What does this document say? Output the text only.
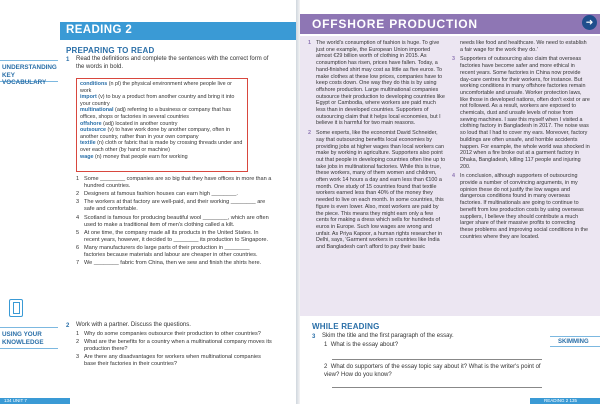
READING 2
UNDERSTANDING KEY VOCABULARY
PREPARING TO READ
1 Read the definitions and complete the sentences with the correct form of the words in bold.

conditions (n pl) the physical environment where people live or work

import (v) to buy a product from another country and bring it into your country

multinational (adj) referring to a business or company that has offices, shops or factories in several countries

offshore (adj) located in another country

outsource (v) to have work done by another company, often in another country, rather than in your own company

textile (n) cloth or fabric that is made by crossing threads under and over each other (by hand or machine)

wage (n) money that people earn for working

1 Some ________ companies are so big that they have offices in more than a hundred countries.
2 Designers at famous fashion houses can earn high ________.
3 The workers at that factory are well-paid, and their working ________ are safe and comfortable.
4 Scotland is famous for producing beautiful wool ________, which are often used to make a traditional item of men's clothing called a kilt.
5 At one time, the company made all its products in the United States. In recent years, however, it decided to ________ its production to Singapore.
6 Many manufacturers do large parts of their production in ________ factories because materials and labour are cheaper in other countries.
7 We ________ fabric from China, then we sew and finish the shirts here.
USING YOUR KNOWLEDGE
2 Work with a partner. Discuss the questions.
1 Why do some companies outsource their production to other countries?
2 What are the benefits for a country when a multinational company moves its production there?
3 Are there any disadvantages for workers when multinational companies base their factories in their countries?
134 UNIT 7
OFFSHORE PRODUCTION	➜

1 The world's consumption of fashion is huge. To give just one example, the European Union imported almost €29 billion worth of clothing in 2015. As consumption has risen, prices have fallen. Today, a hand-finished shirt may cost as little as five euros. To make clothes at these low prices, companies have to keep costs down. One way they do this is by using offshore production. Large multinational companies outsource their production to developing countries like Egypt or Cambodia, where workers are paid much less than in developed countries. Supporters of outsourcing claim that it helps local economies, but I believe it is harmful for two main reasons.

2 Some experts, like the economist David Schneider, say that outsourcing benefits local economies by providing jobs at higher wages than local workers can make by working in agriculture. Supporters also point out that people in developing countries often line up to take jobs in multinational factories. While this is true, these workers, many of them women and children, often work 14 hours a day and earn less than €100 a month. One study of 15 countries found that textile workers earned less than 40% of the money they needed to live on each month. In some countries, this figure is even lower. Also, most workers are paid by the piece. This means they might earn only a few cents for making a dress which sells for hundreds of euros in Europe. Such low wages are wrong and unfair. As Priya Kapoor, a human rights researcher in Delhi, says, 'Garment workers in countries like India and Bangladesh can't afford to pay their basic

needs like food and healthcare. We need to establish a fair wage for the work they do.'

3 Supporters of outsourcing also claim that overseas factories have become safer and more ethical in recent years. Some factories in China now provide day-care centres for their workers, for instance. But working conditions in many offshore factories remain uncomfortable and unsafe. Worker protection laws, like those in developed nations, often don't exist or are not followed. As a result, workers are exposed to chemicals, dust and unsafe levels of noise from sewing machines. I saw this myself when I visited a clothing factory in Bangladesh in 2017. The noise was so loud that I had to cover my ears. Moreover, factory buildings are often unsafe, and horrible accidents happen. For example, the whole world was shocked in 2012 when a fire broke out at a garment factory in Dhaka, Bangladesh, killing 117 people and injuring 200.

4 In conclusion, although supporters of outsourcing provide a number of convincing arguments, in my opinion these do not justify the low wages and dangerous conditions found in many overseas factories. If multinationals are going to continue to benefit from low production costs by using overseas suppliers, I believe they should contribute a much larger share of their massive profits to correcting these problems and improving social conditions in the countries where they are located.

WHILE READING
SKIMMING
3 Skim the title and the first paragraph of the essay.
1 What is the essay about?
2 What do supporters of the essay topic say about it? What is the writer's point of view? How do you know?
READING 2 135
